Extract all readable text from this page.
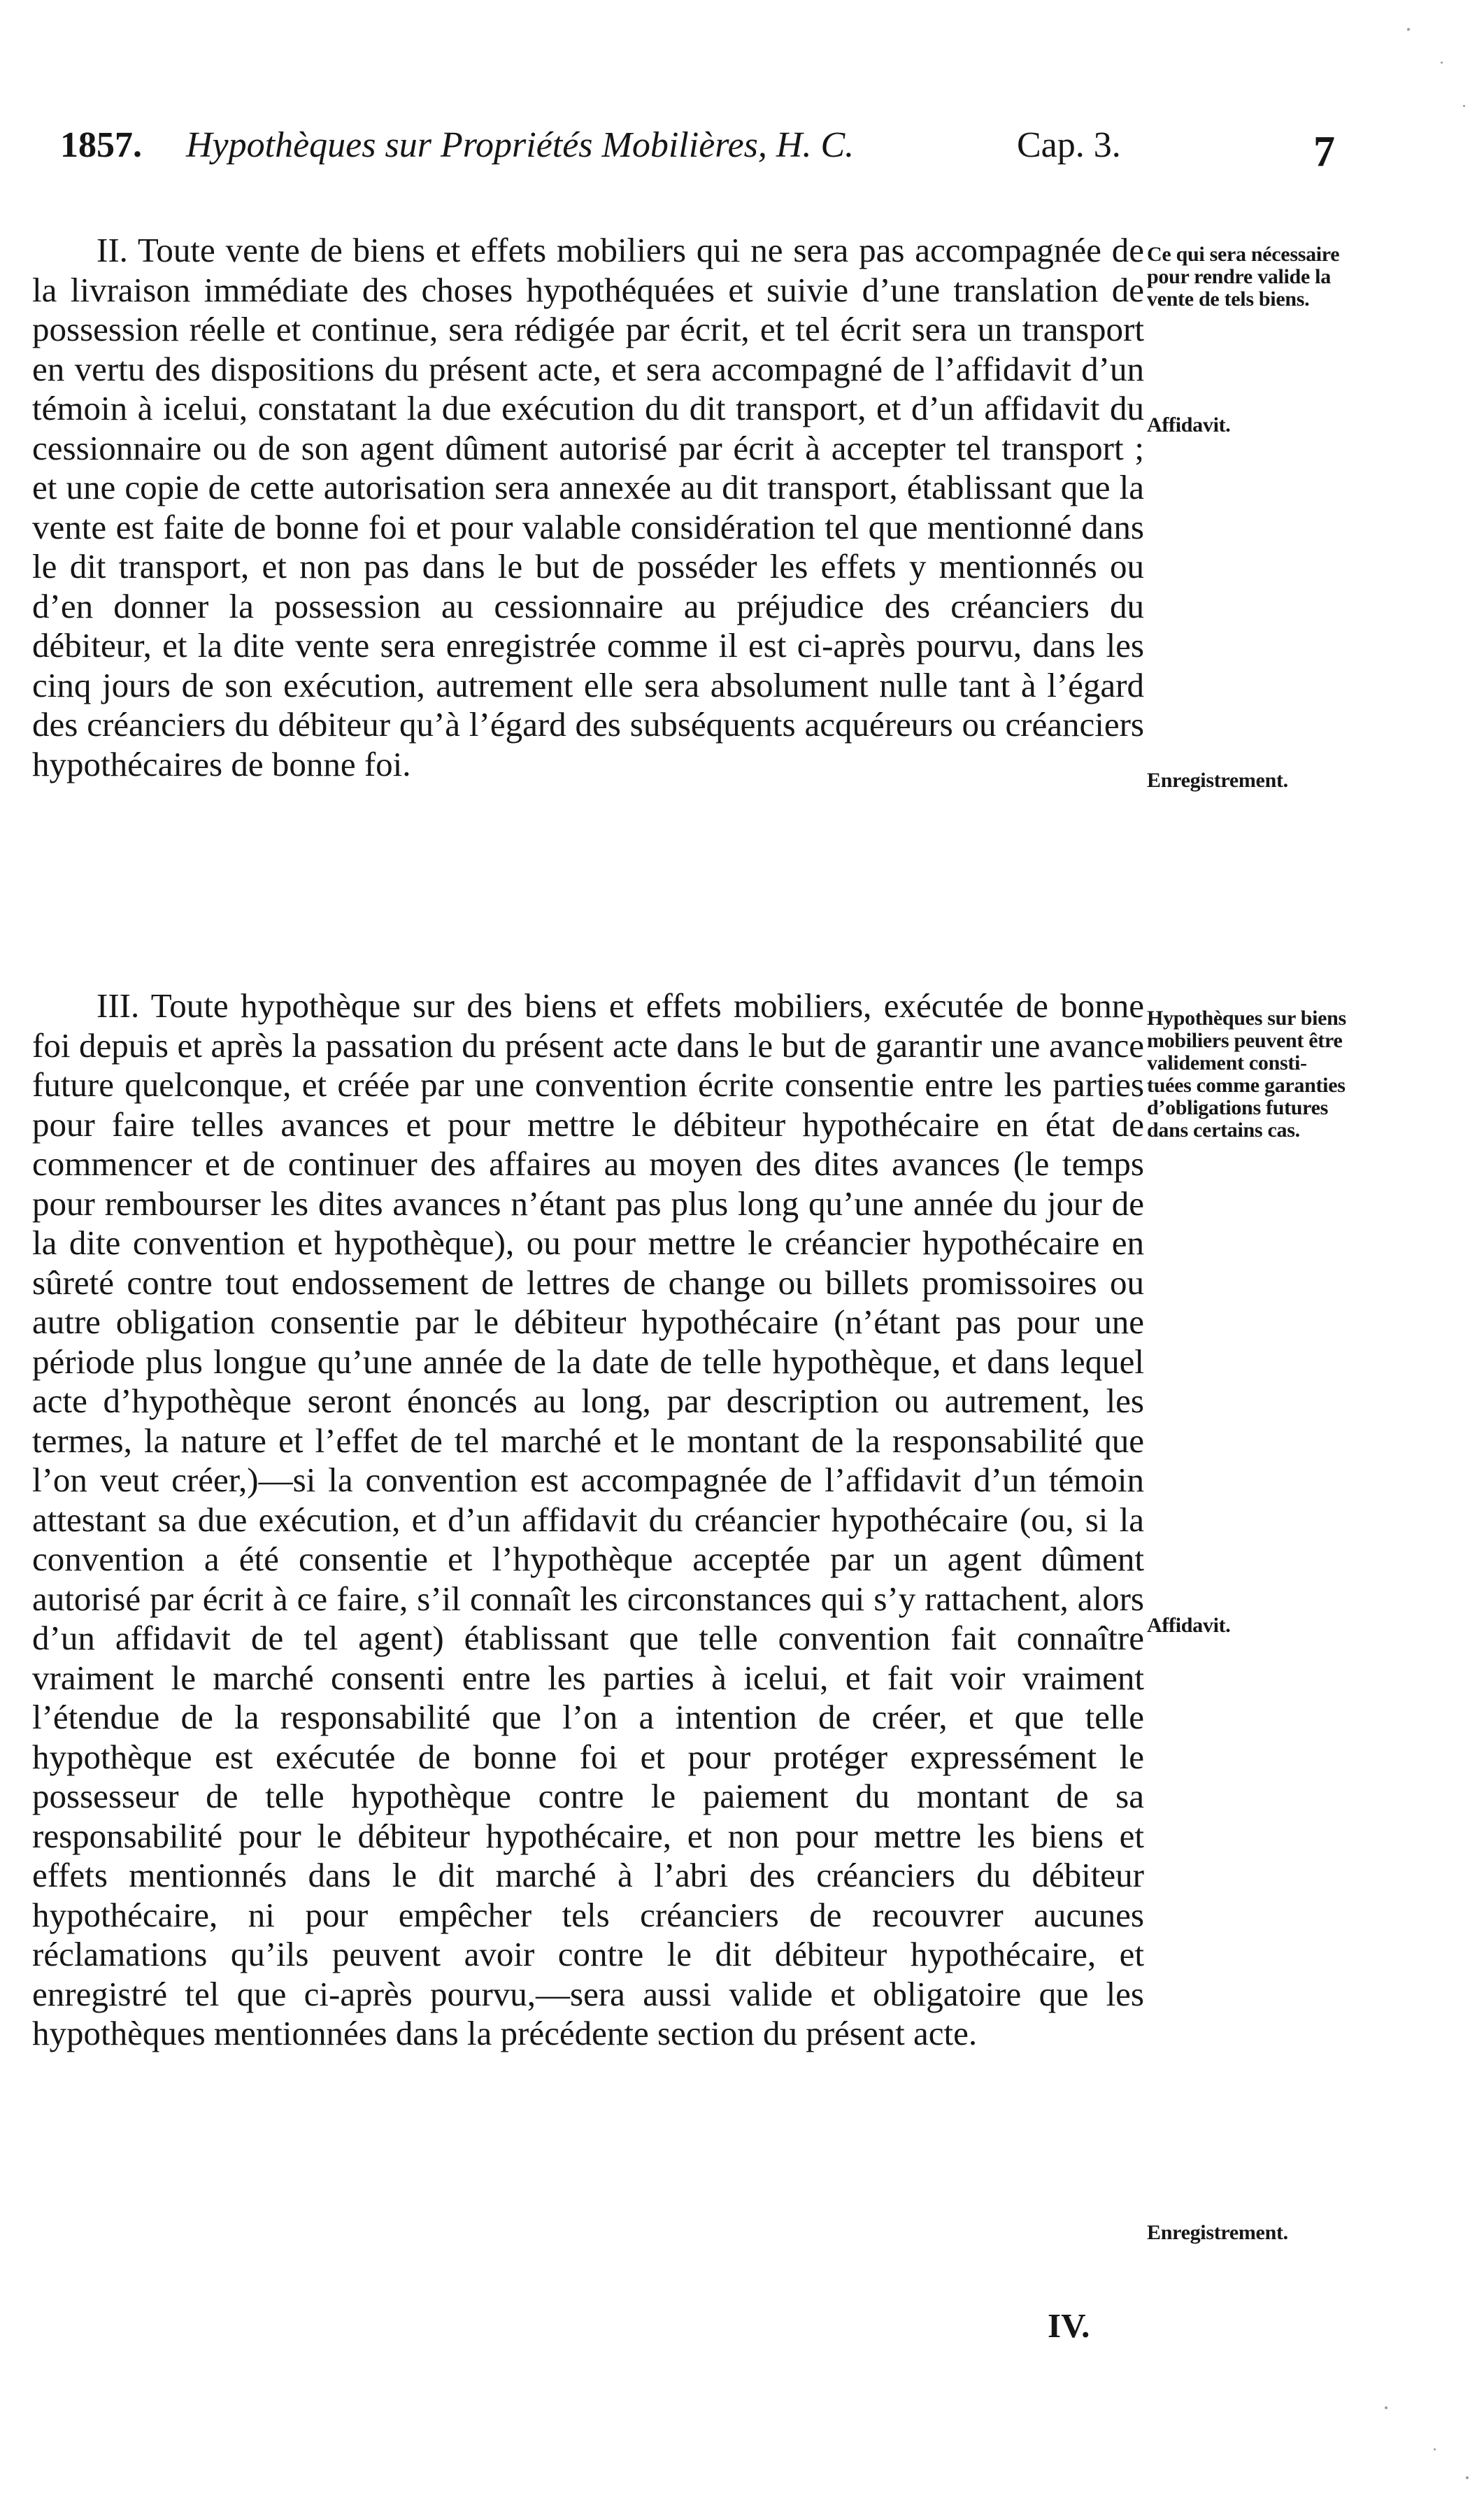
1857. Hypothèques sur Propriétés Mobilières, H. C.	Cap. 3.	7

II. Toute vente de biens et effets mobiliers qui ne sera pas accompagnée de la livraison immédiate des choses hypothéquées et suivie d’une translation de possession réelle et continue, sera rédigée par écrit, et tel écrit sera un transport en vertu des dispositions du présent acte, et sera accompagné de l’affidavit d’un témoin à icelui, constatant la due exécution du dit transport, et d’un affidavit du cessionnaire ou de son agent dûment autorisé par écrit à accepter tel transport ; et une copie de cette autorisation sera annexée au dit transport, établissant que la vente est faite de bonne foi et pour valable considération tel que mentionné dans le dit transport, et non pas dans le but de posséder les effets y mentionnés ou d’en donner la possession au cessionnaire au préjudice des créanciers du débiteur, et la dite vente sera enregistrée comme il est ci-après pourvu, dans les cinq jours de son exécution, autrement elle sera absolument nulle tant à l’égard des créanciers du débiteur qu’à l’égard des subséquents acquéreurs ou créanciers hypothécaires de bonne foi.

III. Toute hypothèque sur des biens et effets mobiliers, exécutée de bonne foi depuis et après la passation du présent acte dans le but de garantir une avance future quelconque, et créée par une convention écrite consentie entre les parties pour faire telles avances et pour mettre le débiteur hypothécaire en état de commencer et de continuer des affaires au moyen des dites avances (le temps pour rembourser les dites avances n’étant pas plus long qu’une année du jour de la dite convention et hypothèque), ou pour mettre le créancier hypothécaire en sûreté contre tout endossement de lettres de change ou billets promissoires ou autre obligation consentie par le débiteur hypothécaire (n’étant pas pour une période plus longue qu’une année de la date de telle hypothèque, et dans lequel acte d’hypothèque seront énoncés au long, par description ou autrement, les termes, la nature et l’effet de tel marché et le montant de la responsabilité que l’on veut créer,)—si la convention est accompagnée de l’affidavit d’un témoin attestant sa due exécution, et d’un affidavit du créancier hypothécaire (ou, si la convention a été consentie et l’hypothèque acceptée par un agent dûment autorisé par écrit à ce faire, s’il connaît les circonstances qui s’y rattachent, alors d’un affidavit de tel agent) établissant que telle convention fait connaître vraiment le marché consenti entre les parties à icelui, et fait voir vraiment l’étendue de la responsabilité que l’on a intention de créer, et que telle hypothèque est exécutée de bonne foi et pour protéger expressément le possesseur de telle hypothèque contre le paiement du montant de sa responsabilité pour le débiteur hypothécaire, et non pour mettre les biens et effets mentionnés dans le dit marché à l’abri des créanciers du débiteur hypothécaire, ni pour empêcher tels créanciers de recouvrer aucunes réclamations qu’ils peuvent avoir contre le dit débiteur hypothécaire, et enregistré tel que ci-après pourvu,—sera aussi valide et obligatoire que les hypothèques mentionnées dans la précédente section du présent acte.

Ce qui sera nécessaire pour rendre valide la vente de tels biens.
Affidavit.
Enregistrement.
Hypothèques sur biens mobiliers peuvent être validement consti-tuées comme garanties d’obligations futures dans certains cas.
Affidavit.
Enregistrement.
IV.
